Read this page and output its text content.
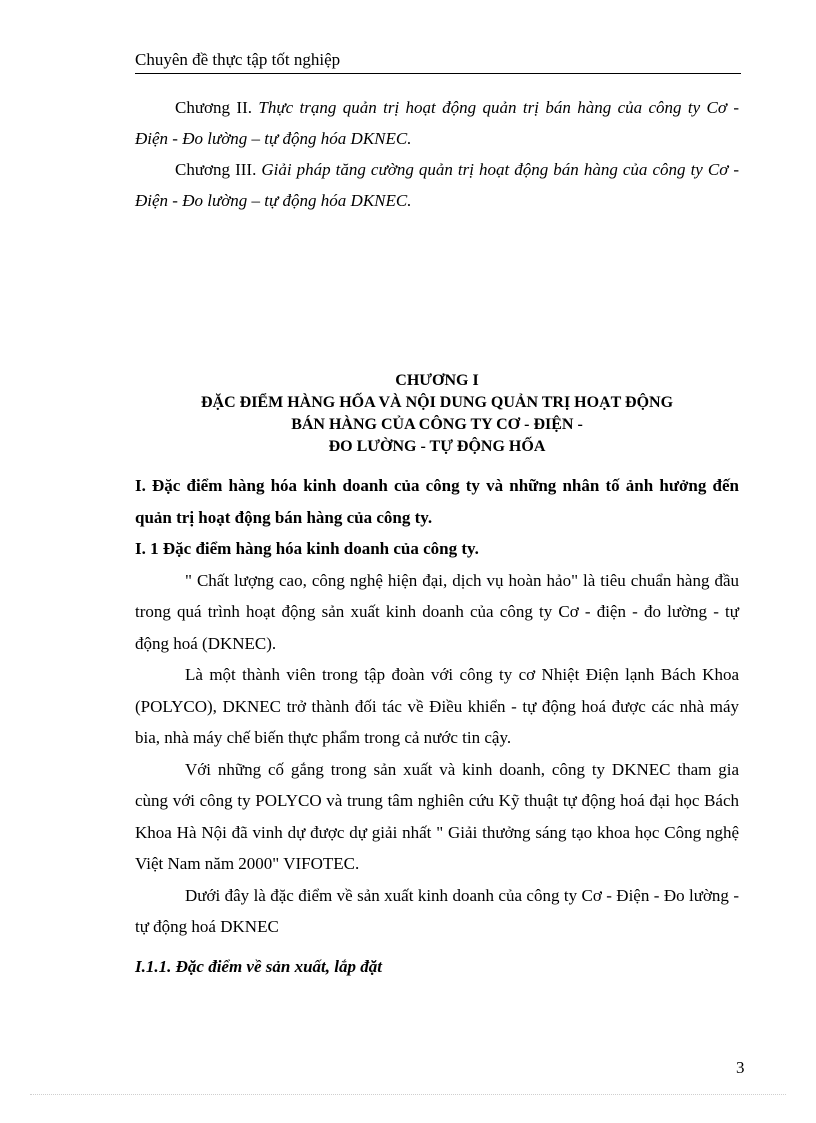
Chuyên đề thực tập tốt nghiệp

Chương II. Thực trạng quản trị hoạt động quản trị bán hàng của công ty Cơ - Điện - Đo lường – tự động hóa DKNEC.

Chương III. Giải pháp tăng cường quản trị hoạt động bán hàng của công ty Cơ - Điện - Đo lường – tự động hóa DKNEC.

CHƯƠNG I
ĐẶC ĐIỂM HÀNG HỐA VÀ NỘI DUNG QUẢN TRỊ HOẠT ĐỘNG
BÁN HÀNG CỦA CÔNG TY CƠ - ĐIỆN -
ĐO LƯỜNG - TỰ ĐỘNG HỐA

I. Đặc điểm hàng hóa kinh doanh của công ty và những nhân tố ảnh hưởng đến quản trị hoạt động bán hàng của công ty.

I. 1 Đặc điểm hàng hóa kinh doanh của công ty.

" Chất lượng cao, công nghệ hiện đại, dịch vụ hoàn hảo" là tiêu chuẩn hàng đầu trong quá trình hoạt động sản xuất kinh doanh của công ty Cơ - điện - đo lường - tự động hoá (DKNEC).

Là một thành viên trong tập đoàn với công ty cơ Nhiệt Điện lạnh Bách Khoa (POLYCO), DKNEC trở thành đối tác về Điều khiển - tự động hoá được các nhà máy bia, nhà máy chế biến thực phẩm trong cả nước tin cậy.

Với những cố gắng trong sản xuất và kinh doanh, công ty DKNEC tham gia cùng với công ty POLYCO và trung tâm nghiên cứu Kỹ thuật tự động hoá đại học Bách Khoa Hà Nội đã vinh dự được dự giải nhất " Giải thưởng sáng tạo khoa học Công nghệ Việt Nam năm 2000" VIFOTEC.

Dưới đây là đặc điểm về sản xuất kinh doanh của công ty Cơ - Điện - Đo lường - tự động hoá DKNEC

I.1.1. Đặc điểm về sản xuất, lắp đặt

3
